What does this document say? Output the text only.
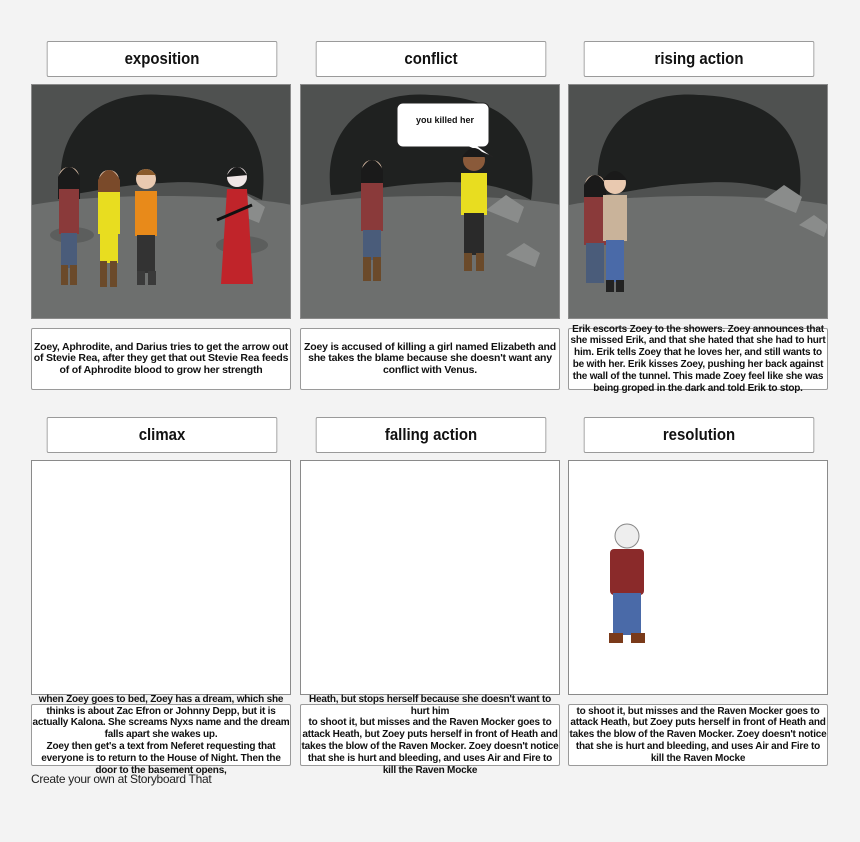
exposition	conflict	rising action
you killed her
Zoey, Aphrodite, and Darius tries to get the arrow out of Stevie Rea, after they get that out Stevie Rea feeds of of Aphrodite blood to grow her strength
Zoey is accused of killing a girl named Elizabeth and she takes the blame because she doesn't want any conflict with Venus.
Erik escorts Zoey to the showers. Zoey announces that she missed Erik, and that she hated that she had to hurt him. Erik tells Zoey that he loves her, and still wants to be with her. Erik kisses Zoey, pushing her back against the wall of the tunnel. This made Zoey feel like she was being groped in the dark and told Erik to stop.
climax	falling action	resolution
when Zoey goes to bed, Zoey has a dream, which she thinks is about Zac Efron or Johnny Depp, but it is actually Kalona. She screams Nyxs name and the dream falls apart she wakes up.
Zoey then get's a text from Neferet requesting that everyone is to return to the House of Night. Then the door to the basement opens,
Heath, but stops herself because she doesn't want to hurt him
to shoot it, but misses and the Raven Mocker goes to attack Heath, but Zoey puts herself in front of Heath and takes the blow of the Raven Mocker. Zoey doesn't notice that she is hurt and bleeding, and uses Air and Fire to kill the Raven Mocke
to shoot it, but misses and the Raven Mocker goes to attack Heath, but Zoey puts herself in front of Heath and takes the blow of the Raven Mocker. Zoey doesn't notice that she is hurt and bleeding, and uses Air and Fire to kill the Raven Mocke
Create your own at Storyboard That
